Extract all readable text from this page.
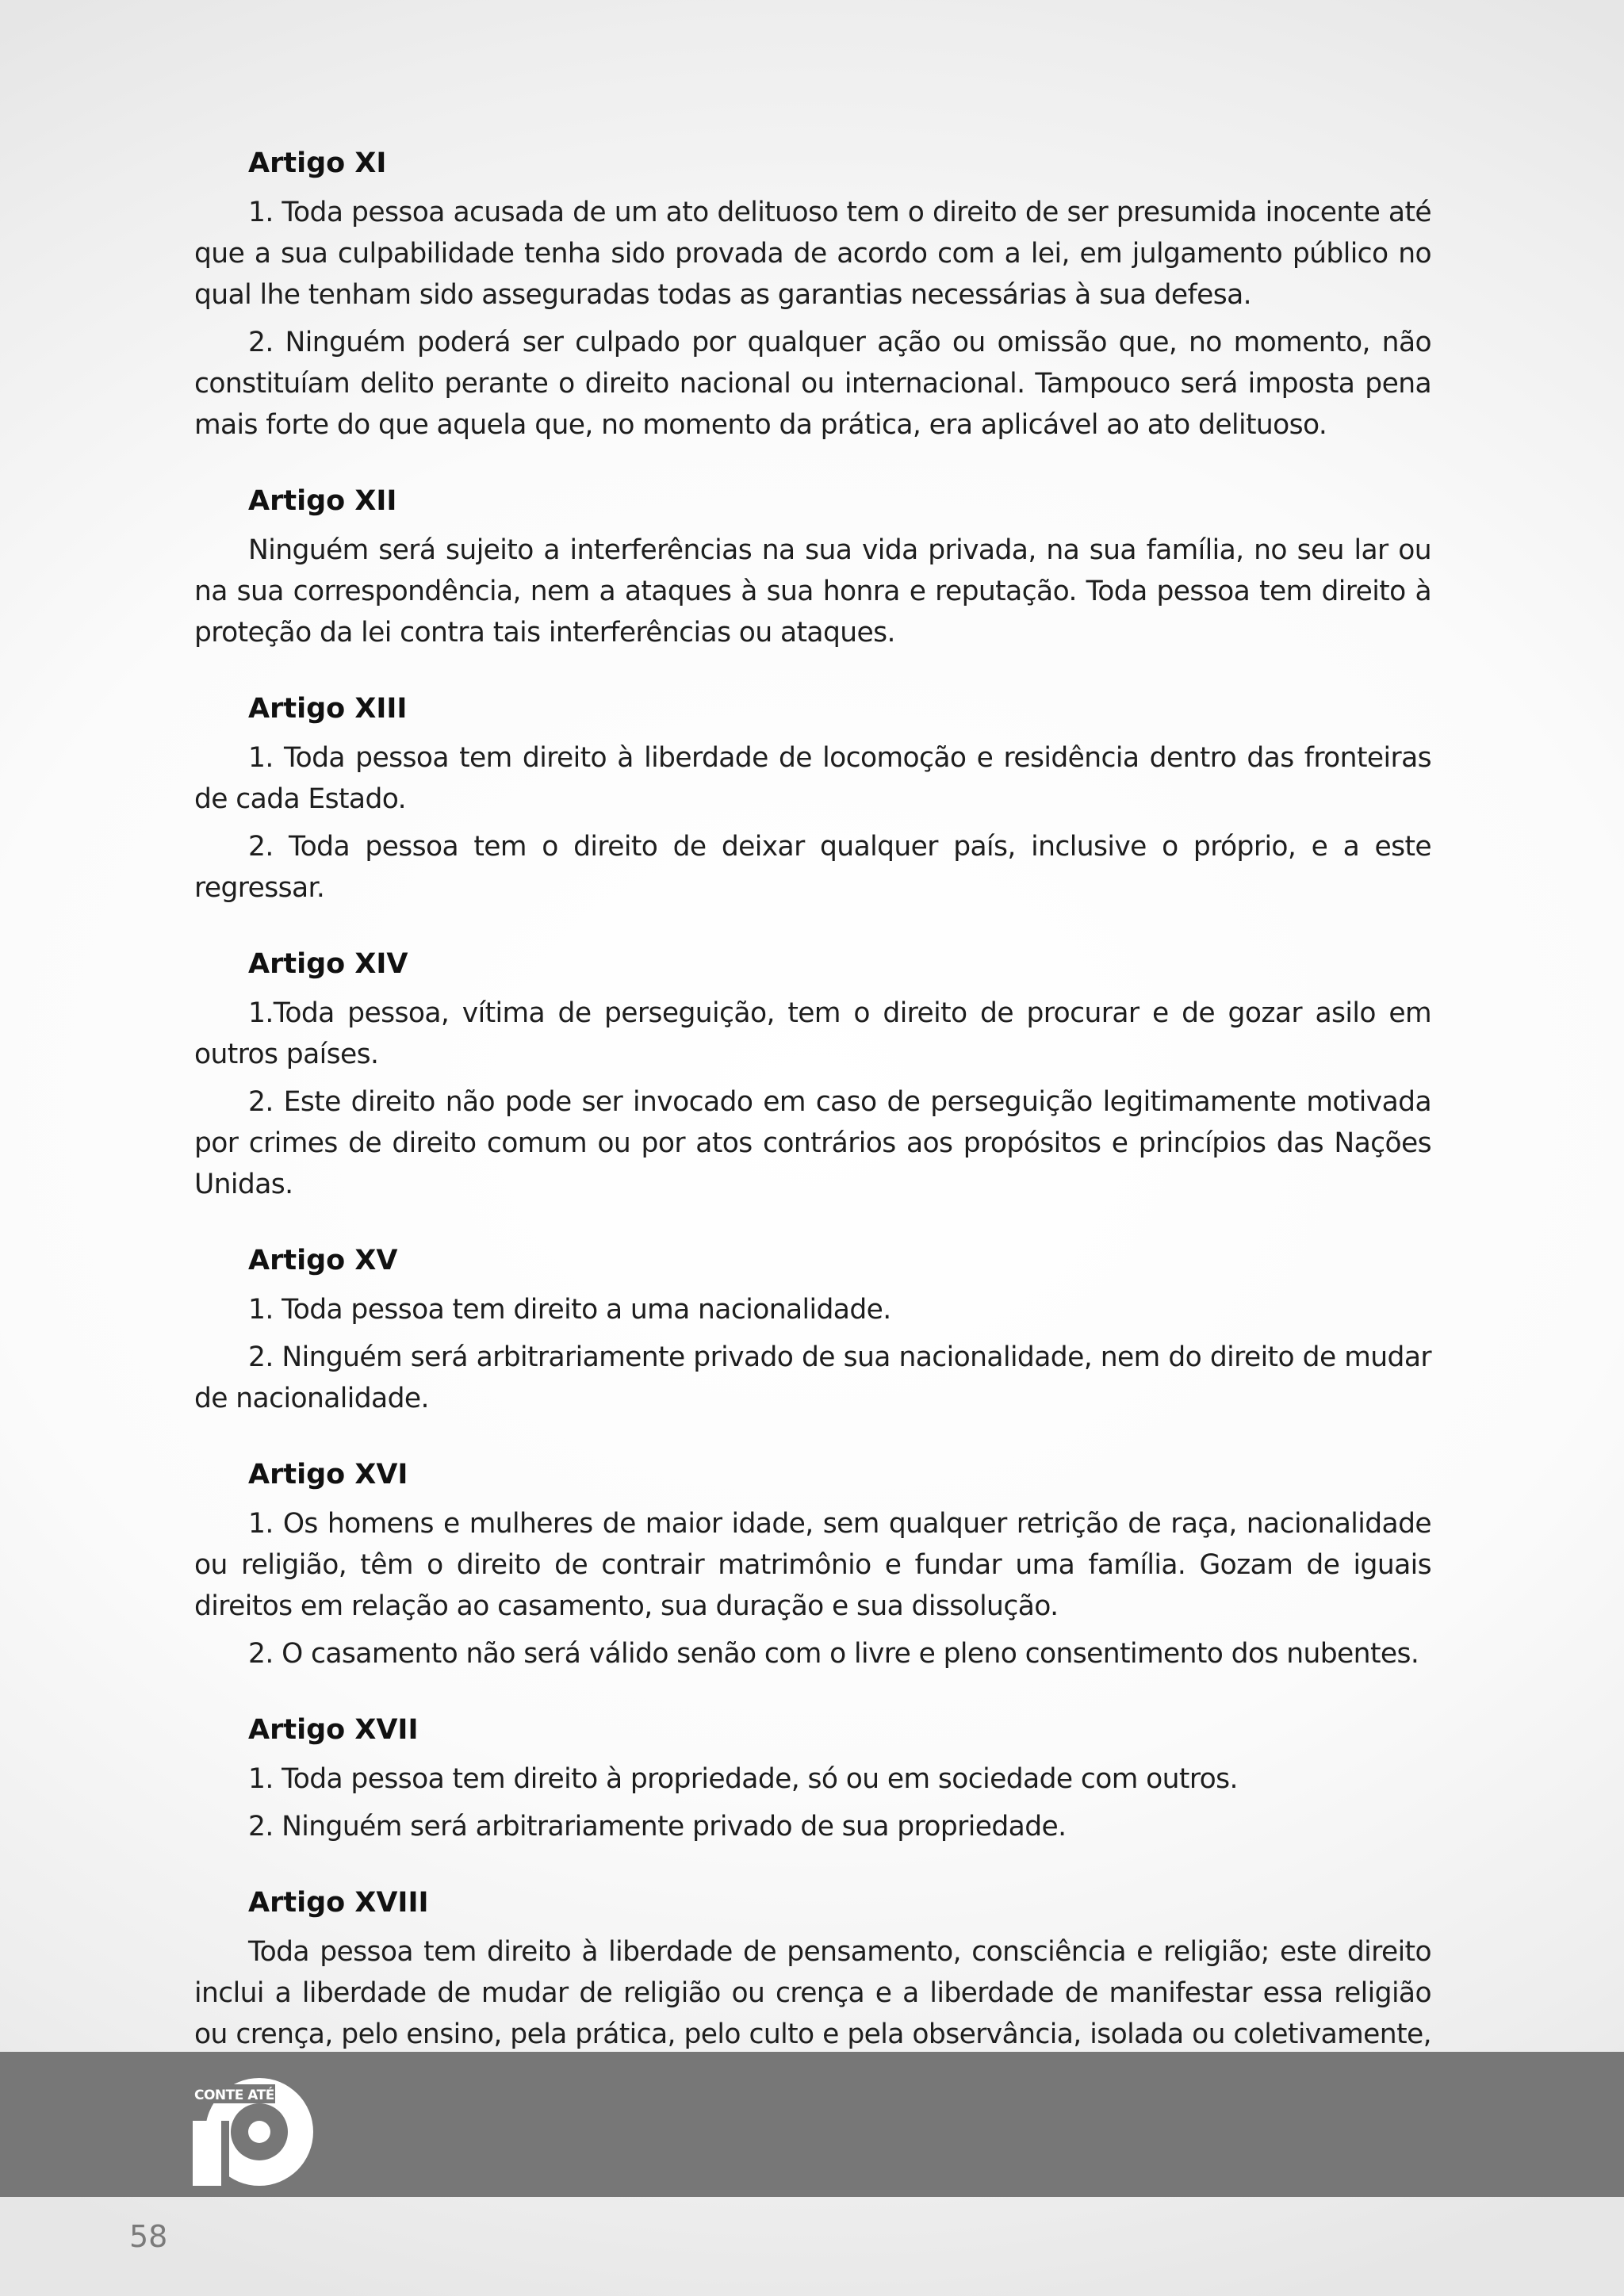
Artigo XI

1. Toda pessoa acusada de um ato delituoso tem o direito de ser presumida inocente até que a sua culpabilidade tenha sido provada de acordo com a lei, em julgamento público no qual lhe tenham sido asseguradas todas as garantias necessárias à sua defesa.

2. Ninguém poderá ser culpado por qualquer ação ou omissão que, no momento, não constituíam delito perante o direito nacional ou internacional. Tampouco será imposta pena mais forte do que aquela que, no momento da prática, era aplicável ao ato delituoso.

Artigo XII

Ninguém será sujeito a interferências na sua vida privada, na sua família, no seu lar ou na sua correspondência, nem a ataques à sua honra e reputação. Toda pessoa tem direito à proteção da lei contra tais interferências ou ataques.

Artigo XIII

1. Toda pessoa tem direito à liberdade de locomoção e residência dentro das fronteiras de cada Estado.

2. Toda pessoa tem o direito de deixar qualquer país, inclusive o próprio, e a este regressar.

Artigo XIV

1.Toda pessoa, vítima de perseguição, tem o direito de procurar e de gozar asilo em outros países.

2. Este direito não pode ser invocado em caso de perseguição legitimamente motivada por crimes de direito comum ou por atos contrários aos propósitos e princípios das Nações Unidas.

Artigo XV

1. Toda pessoa tem direito a uma nacionalidade.

2. Ninguém será arbitrariamente privado de sua nacionalidade, nem do direito de mudar de nacionalidade.

Artigo XVI

1. Os homens e mulheres de maior idade, sem qualquer retrição de raça, nacionalidade ou religião, têm o direito de contrair matrimônio e fundar uma família. Gozam de iguais direitos em relação ao casamento, sua duração e sua dissolução.

2. O casamento não será válido senão com o livre e pleno consentimento dos nubentes.

Artigo XVII

1. Toda pessoa tem direito à propriedade, só ou em sociedade com outros.

2. Ninguém será arbitrariamente privado de sua propriedade.

Artigo XVIII

Toda pessoa tem direito à liberdade de pensamento, consciência e religião; este direito inclui a liberdade de mudar de religião ou crença e a liberdade de manifestar essa religião ou crença, pelo ensino, pela prática, pelo culto e pela observância, isolada ou coletivamente,

CONTE ATÉ
58
